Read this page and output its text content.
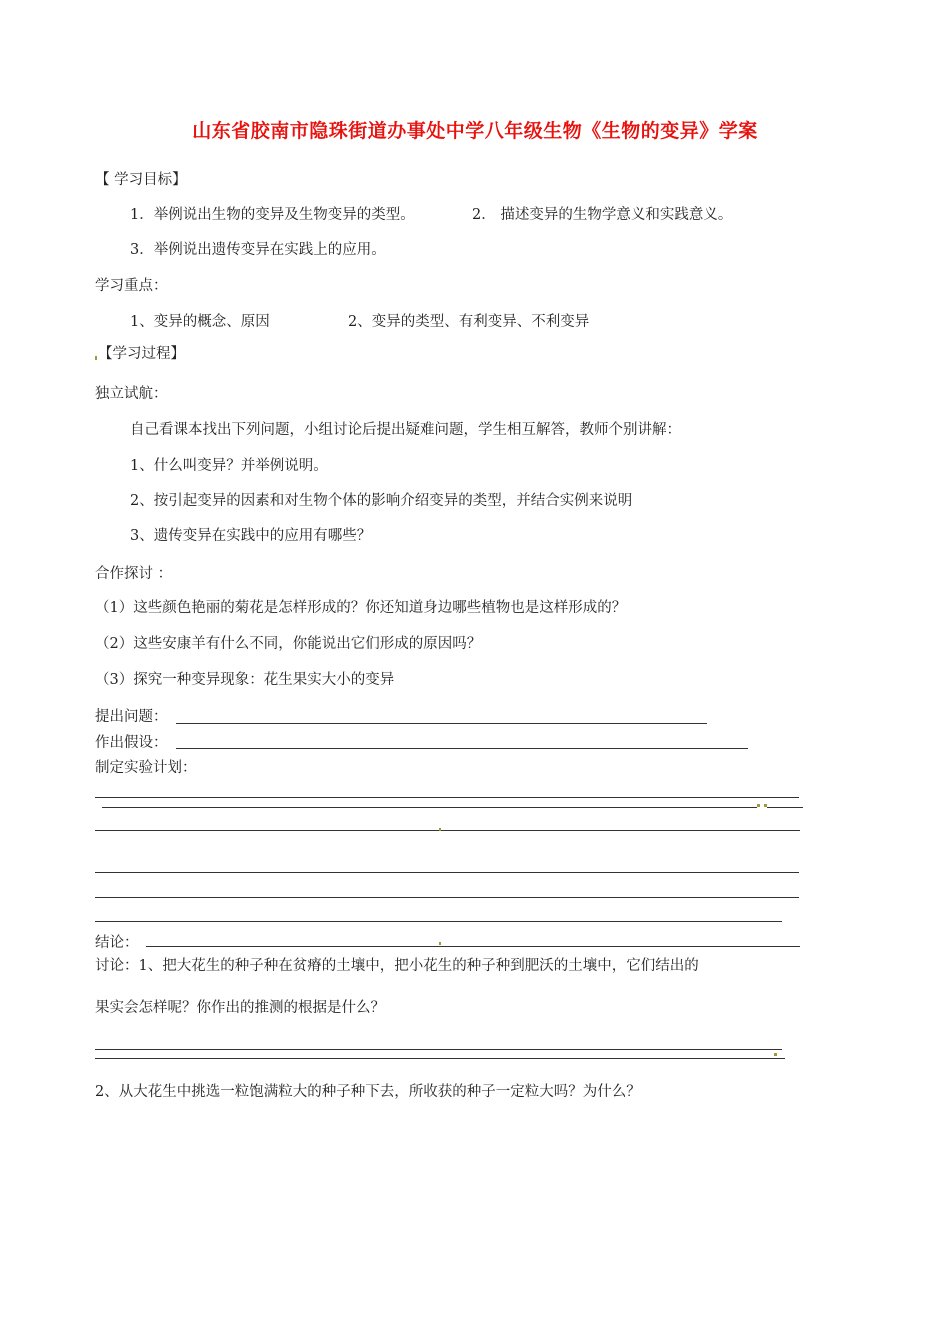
山东省胶南市隐珠街道办事处中学八年级生物《生物的变异》学案
【 学习目标】
1．举例说出生物的变异及生物变异的类型。	2． 描述变异的生物学意义和实践意义。
3．举例说出遗传变异在实践上的应用。
学习重点：
1、变异的概念、原因	2、变异的类型、有利变异、不利变异
【学习过程】
独立试航：
自己看课本找出下列问题，小组讨论后提出疑难问题，学生相互解答，教师个别讲解：
1、什么叫变异？并举例说明。
2、按引起变异的因素和对生物个体的影响介绍变异的类型，并结合实例来说明
3、遗传变异在实践中的应用有哪些？
合作探讨 ：
（1）这些颜色艳丽的菊花是怎样形成的？你还知道身边哪些植物也是这样形成的？
（2）这些安康羊有什么不同，你能说出它们形成的原因吗？
（3）探究一种变异现象：花生果实大小的变异
提出问题：
作出假设：
制定实验计划：
结论：
讨论：1、把大花生的种子种在贫瘠的土壤中，把小花生的种子种到肥沃的土壤中，它们结出的
果实会怎样呢？你作出的推测的根据是什么？
2、从大花生中挑选一粒饱满粒大的种子种下去，所收获的种子一定粒大吗？为什么？
